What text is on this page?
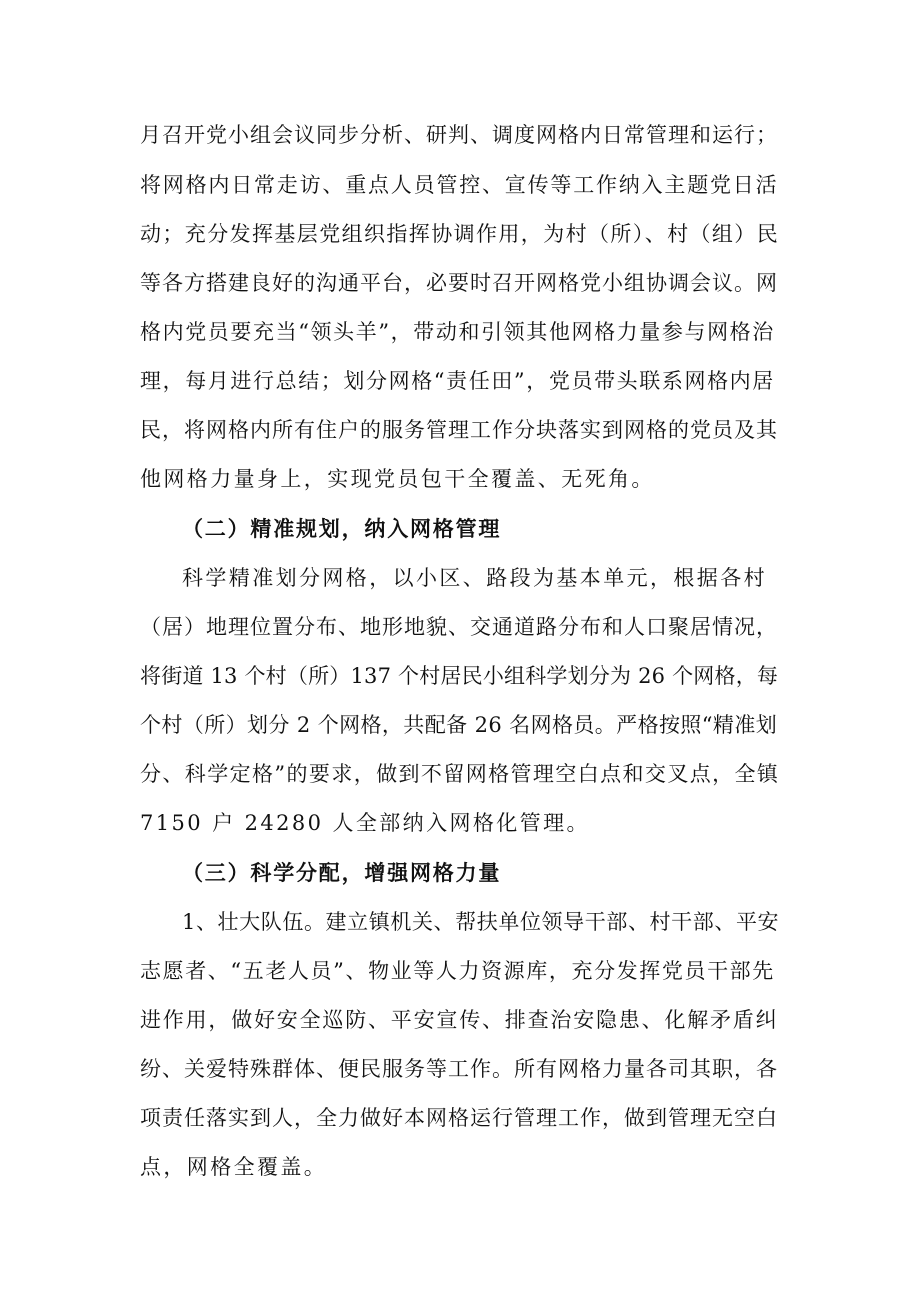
月召开党小组会议同步分析、研判、调度网格内日常管理和运行；
将网格内日常走访、重点人员管控、宣传等工作纳入主题党日活
动；充分发挥基层党组织指挥协调作用，为村（所）、村（组）民
等各方搭建良好的沟通平台，必要时召开网格党小组协调会议。网
格内党员要充当“领头羊”，带动和引领其他网格力量参与网格治
理，每月进行总结；划分网格“责任田”，党员带头联系网格内居
民，将网格内所有住户的服务管理工作分块落实到网格的党员及其
他网格力量身上，实现党员包干全覆盖、无死角。
（二）精准规划，纳入网格管理
科学精准划分网格，以小区、路段为基本单元，根据各村
（居）地理位置分布、地形地貌、交通道路分布和人口聚居情况，
将街道 13 个村（所）137 个村居民小组科学划分为 26 个网格，每
个村（所）划分 2 个网格，共配备 26 名网格员。严格按照“精准划
分、科学定格”的要求，做到不留网格管理空白点和交叉点，全镇
7150 户 24280 人全部纳入网格化管理。
（三）科学分配，增强网格力量
1、壮大队伍。建立镇机关、帮扶单位领导干部、村干部、平安
志愿者、“五老人员”、物业等人力资源库，充分发挥党员干部先
进作用，做好安全巡防、平安宣传、排查治安隐患、化解矛盾纠
纷、关爱特殊群体、便民服务等工作。所有网格力量各司其职，各
项责任落实到人，全力做好本网格运行管理工作，做到管理无空白
点，网格全覆盖。
